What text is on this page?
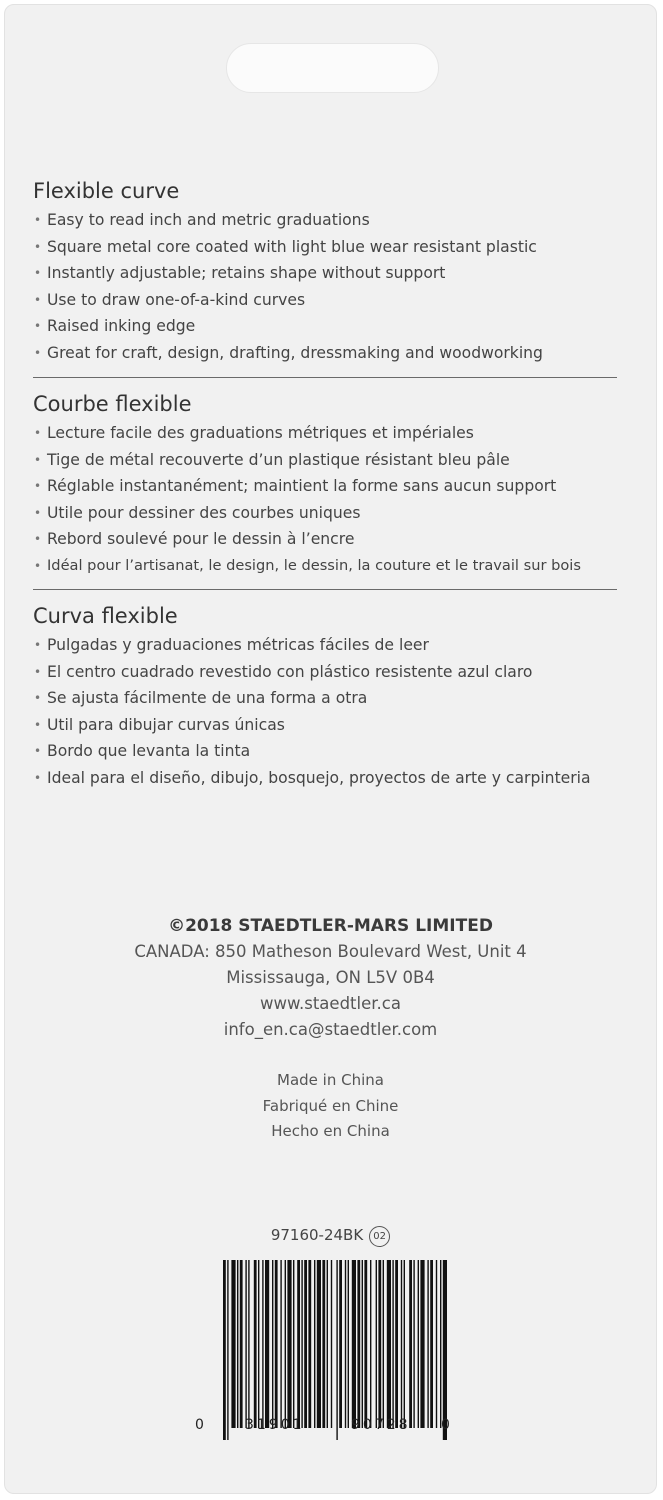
Flexible curve
• Easy to read inch and metric graduations
• Square metal core coated with light blue wear resistant plastic
• Instantly adjustable; retains shape without support
• Use to draw one-of-a-kind curves
• Raised inking edge
• Great for craft, design, drafting, dressmaking and woodworking
Courbe flexible
• Lecture facile des graduations métriques et impériales
• Tige de métal recouverte d’un plastique résistant bleu pâle
• Réglable instantanément; maintient la forme sans aucun support
• Utile pour dessiner des courbes uniques
• Rebord soulevé pour le dessin à l’encre
• Idéal pour l’artisanat, le design, le dessin, la couture et le travail sur bois
Curva flexible
• Pulgadas y graduaciones métricas fáciles de leer
• El centro cuadrado revestido con plástico resistente azul claro
• Se ajusta fácilmente de una forma a otra
• Util para dibujar curvas únicas
• Bordo que levanta la tinta
• Ideal para el diseño, dibujo, bosquejo, proyectos de arte y carpinteria
©2018 STAEDTLER-MARS LIMITED
CANADA: 850 Matheson Boulevard West, Unit 4
Mississauga, ON L5V 0B4
www.staedtler.ca
info_en.ca@staedtler.com
Made in China
Fabriqué en Chine
Hecho en China
97160-24BK 02
0	31901	90728 0
